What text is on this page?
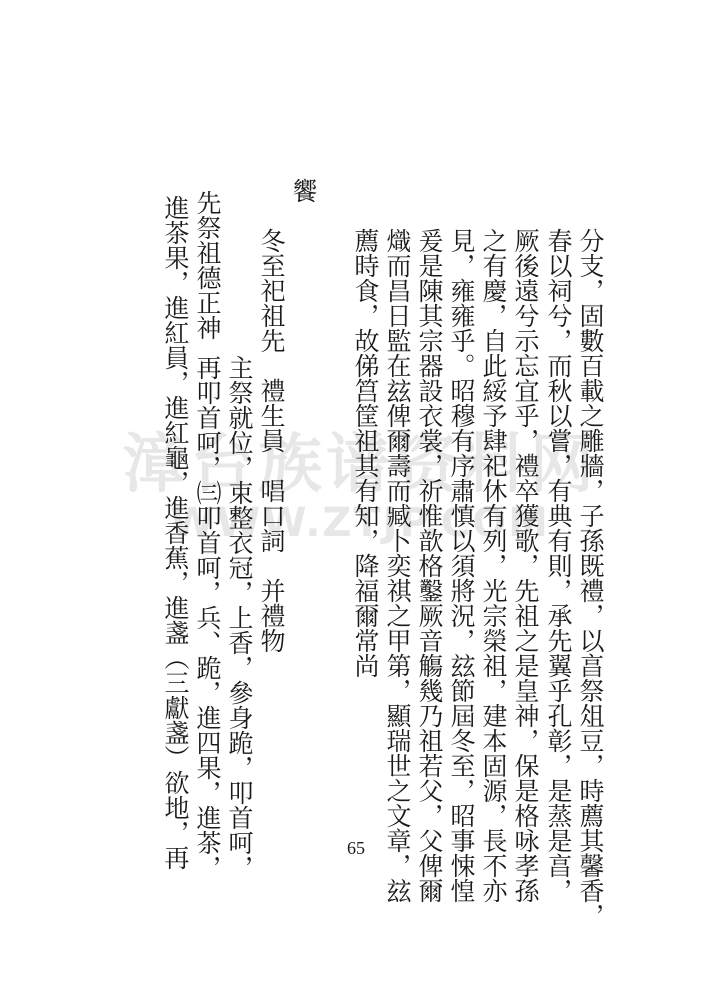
漳台族谱资料网
WWW.ZTJP.COM	分支，固數百載之雕牆，子孫既禮，以亯祭俎豆，時薦其馨香，
春以祠兮，而秋以嘗，有典有則，承先翼乎孔彰，是蒸是亯，
厥後遠兮示忘宜乎，禮卒獲歌，先祖之是皇神，保是格咏孝孫
之有慶，自此綏予肆祀休有列，光宗榮祖，建本固源，長不亦
見，雍雍乎。昭穆有序肅慎以須將況，玆節屆冬至，昭事悚惶
爰是陳其宗器設衣裳，祈惟歆格鑿厥音觴幾乃祖若父，父俾爾
熾而昌日監在玆俾爾壽而臧卜奕祺之甲第，顯瑞世之文章，玆
薦時食，故俤筥筐祖其有知，降福爾常尚
饗
冬至祀祖先　禮生員　唱口詞　并禮物
主祭就位，束整衣冠，上香，參身跪，叩首呵，
先祭祖德正神
再叩首呵，㈢叩首呵，兵、跪，進四果，進茶，
進茶果，進紅員，進紅龜，進香蕉，進盞（三獻盞）欲地，再	65
